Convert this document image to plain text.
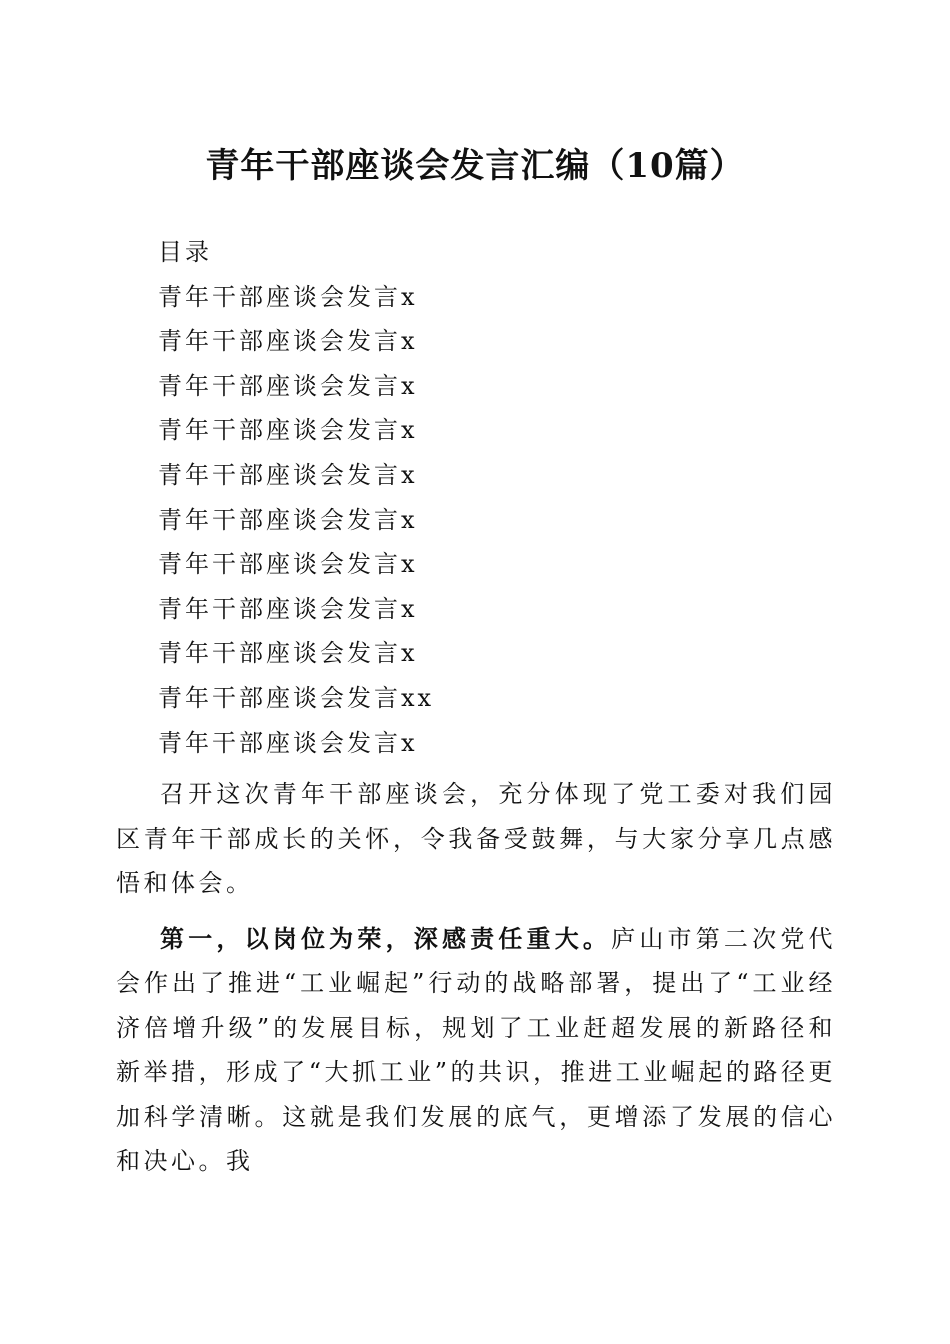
青年干部座谈会发言汇编（10篇）
目录
青年干部座谈会发言x
青年干部座谈会发言x
青年干部座谈会发言x
青年干部座谈会发言x
青年干部座谈会发言x
青年干部座谈会发言x
青年干部座谈会发言x
青年干部座谈会发言x
青年干部座谈会发言x
青年干部座谈会发言xx
青年干部座谈会发言x

召开这次青年干部座谈会，充分体现了党工委对我们园区青年干部成长的关怀，令我备受鼓舞，与大家分享几点感悟和体会。

第一，以岗位为荣，深感责任重大。庐山市第二次党代会作出了推进“工业崛起”行动的战略部署，提出了“工业经济倍增升级”的发展目标，规划了工业赶超发展的新路径和新举措，形成了“大抓工业”的共识，推进工业崛起的路径更加科学清晰。这就是我们发展的底气，更增添了发展的信心和决心。我
